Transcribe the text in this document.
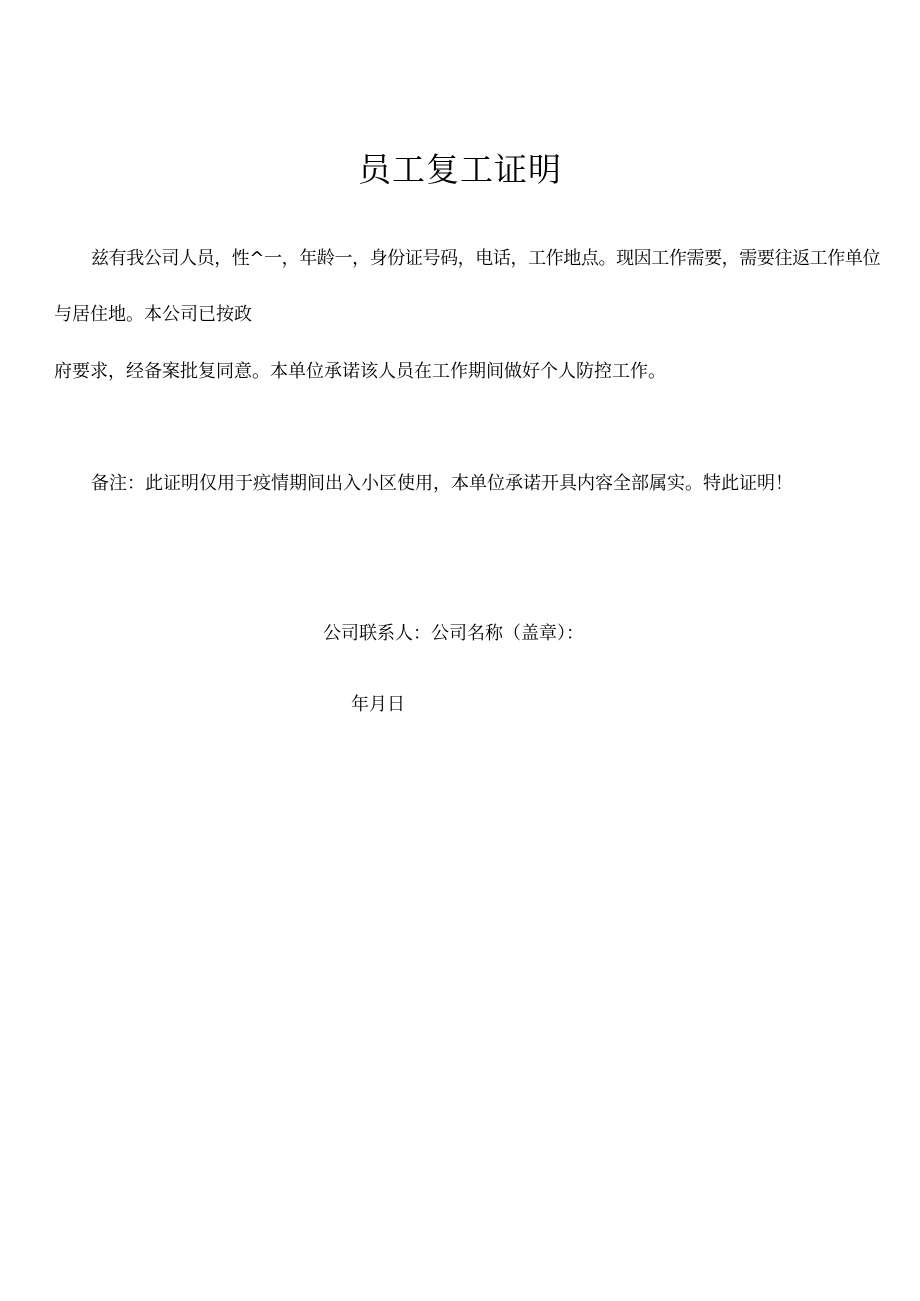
员工复工证明
兹有我公司人员，性^一，年龄一，身份证号码，电话，工作地点。现因工作需要，需要往返工作单位
与居住地。本公司已按政
府要求，经备案批复同意。本单位承诺该人员在工作期间做好个人防控工作。
备注：此证明仅用于疫情期间出入小区使用，本单位承诺开具内容全部属实。特此证明！
公司联系人：公司名称（盖章）：
年月日
